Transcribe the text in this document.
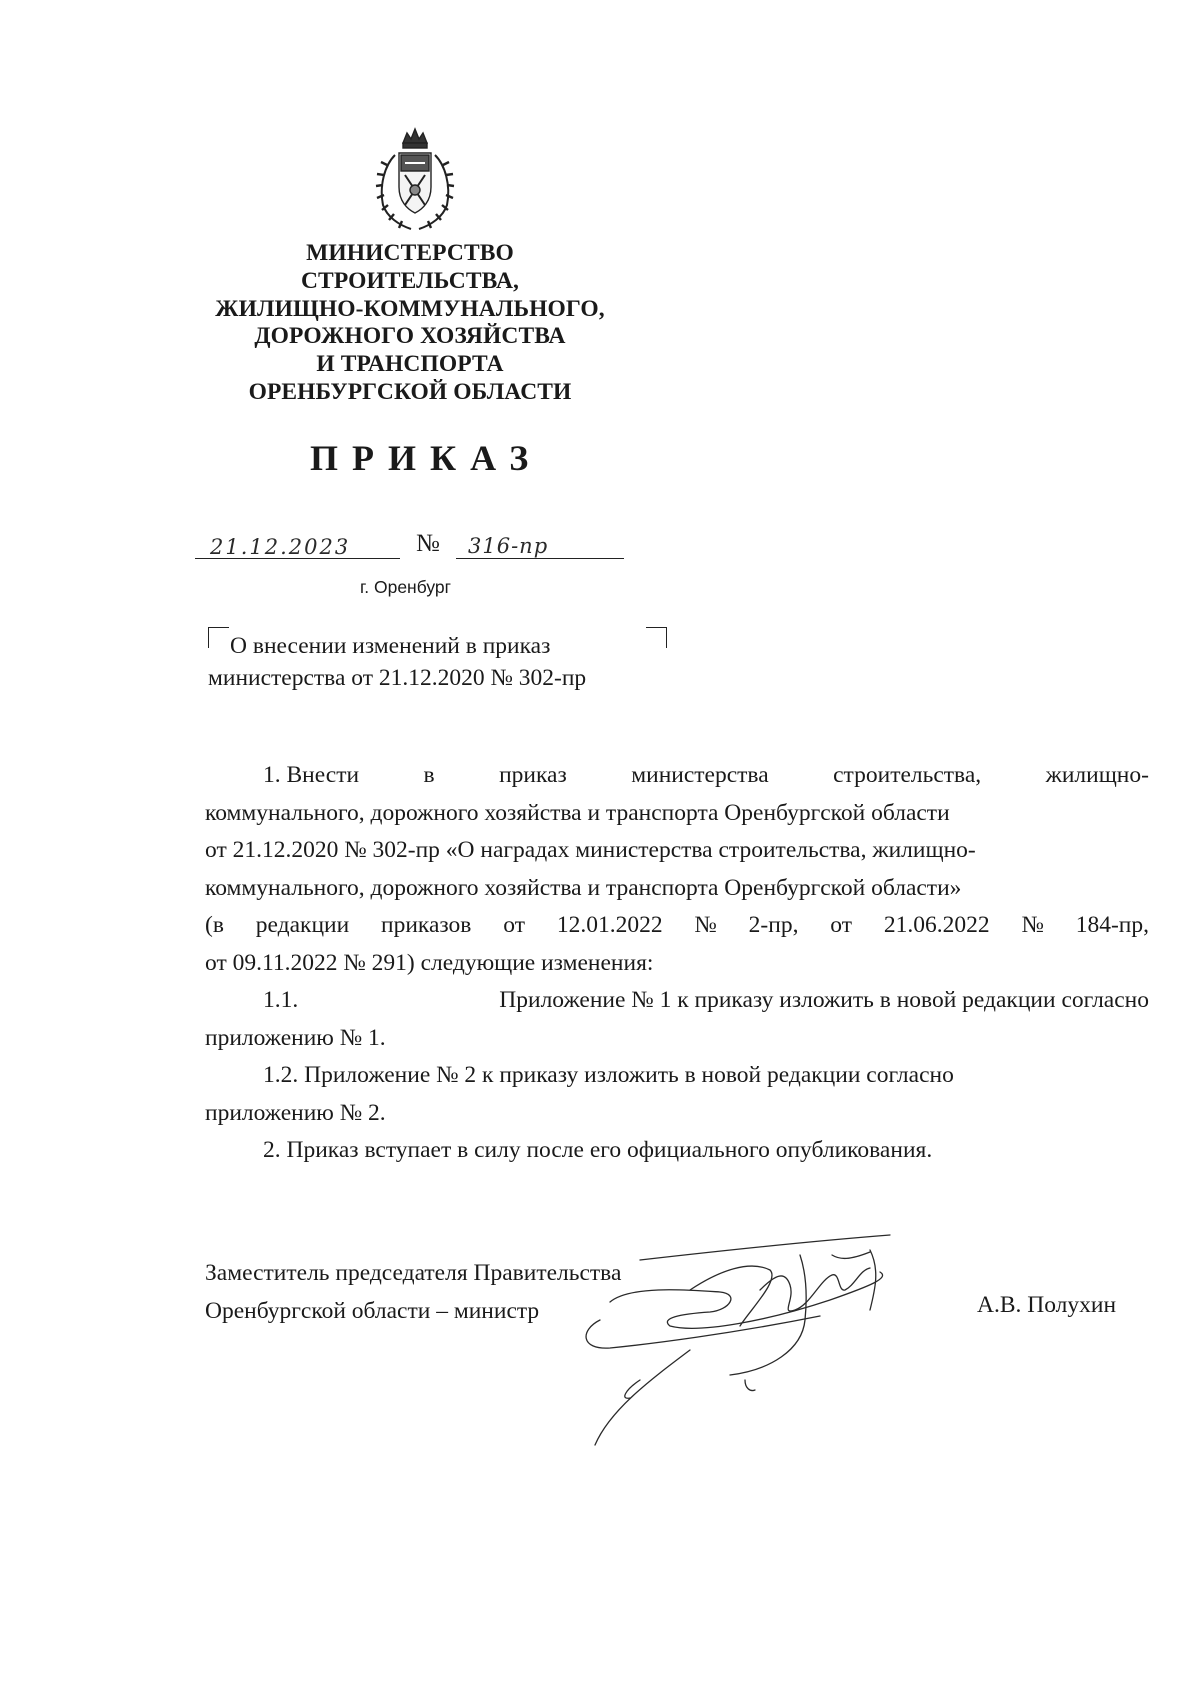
МИНИСТЕРСТВО
СТРОИТЕЛЬСТВА,
ЖИЛИЩНО-КОММУНАЛЬНОГО,
ДОРОЖНОГО ХОЗЯЙСТВА
И ТРАНСПОРТА
ОРЕНБУРГСКОЙ ОБЛАСТИ
ПРИКАЗ
21.12.2023	№ 316-пр
г. Оренбург
О внесении изменений в приказ
министерства от 21.12.2020 № 302-пр
1. Внести	в	приказ	министерства	строительства,	жилищно-
коммунального, дорожного хозяйства и транспорта Оренбургской области
от 21.12.2020 № 302-пр «О наградах министерства строительства, жилищно-
коммунального, дорожного хозяйства и транспорта Оренбургской области»
(в редакции приказов от 12.01.2022 № 2-пр, от 21.06.2022 № 184-пр,
от 09.11.2022 № 291) следующие изменения:
1.1.	Приложение № 1 к приказу изложить в новой редакции согласно
приложению № 1.
1.2. Приложение № 2 к приказу изложить в новой редакции согласно
приложению № 2.
2. Приказ вступает в силу после его официального опубликования.
Заместитель председателя Правительства
Оренбургской области – министр	А.В. Полухин
